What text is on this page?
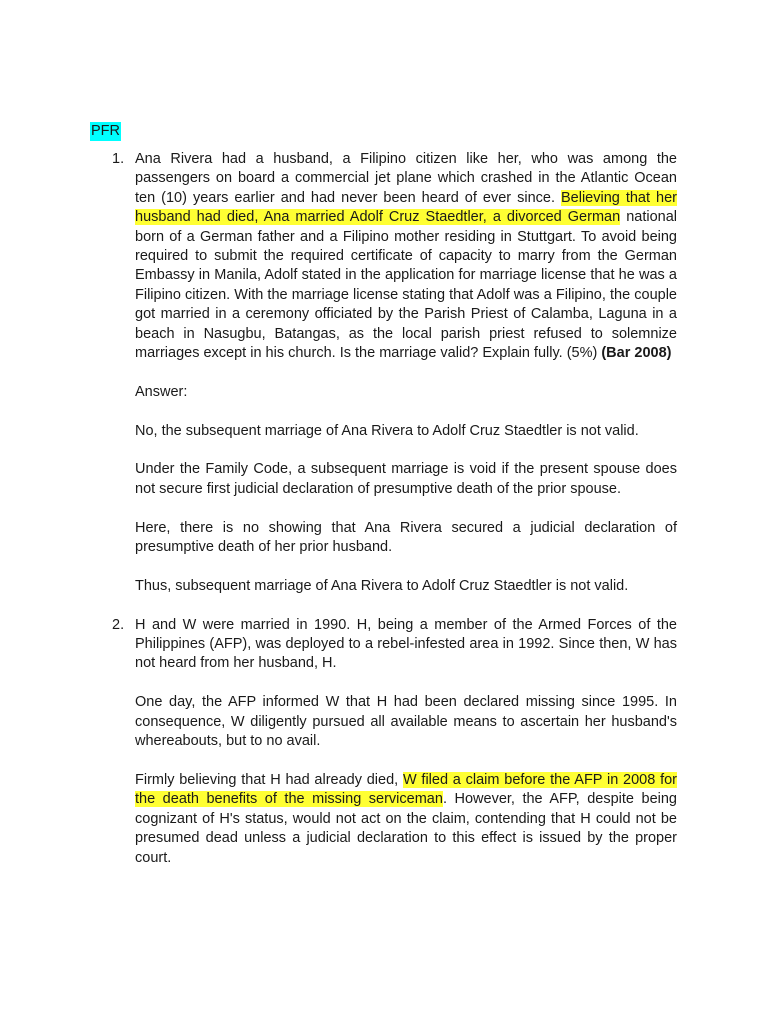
PFR
1. Ana Rivera had a husband, a Filipino citizen like her, who was among the passengers on board a commercial jet plane which crashed in the Atlantic Ocean ten (10) years earlier and had never been heard of ever since. Believing that her husband had died, Ana married Adolf Cruz Staedtler, a divorced German national born of a German father and a Filipino mother residing in Stuttgart. To avoid being required to submit the required certificate of capacity to marry from the German Embassy in Manila, Adolf stated in the application for marriage license that he was a Filipino citizen. With the marriage license stating that Adolf was a Filipino, the couple got married in a ceremony officiated by the Parish Priest of Calamba, Laguna in a beach in Nasugbu, Batangas, as the local parish priest refused to solemnize marriages except in his church. Is the marriage valid? Explain fully. (5%) (Bar 2008)

Answer:

No, the subsequent marriage of Ana Rivera to Adolf Cruz Staedtler is not valid.

Under the Family Code, a subsequent marriage is void if the present spouse does not secure first judicial declaration of presumptive death of the prior spouse.

Here, there is no showing that Ana Rivera secured a judicial declaration of presumptive death of her prior husband.

Thus, subsequent marriage of Ana Rivera to Adolf Cruz Staedtler is not valid.

2. H and W were married in 1990. H, being a member of the Armed Forces of the Philippines (AFP), was deployed to a rebel-infested area in 1992. Since then, W has not heard from her husband, H.

One day, the AFP informed W that H had been declared missing since 1995. In consequence, W diligently pursued all available means to ascertain her husband's whereabouts, but to no avail.

Firmly believing that H had already died, W filed a claim before the AFP in 2008 for the death benefits of the missing serviceman. However, the AFP, despite being cognizant of H's status, would not act on the claim, contending that H could not be presumed dead unless a judicial declaration to this effect is issued by the proper court.
